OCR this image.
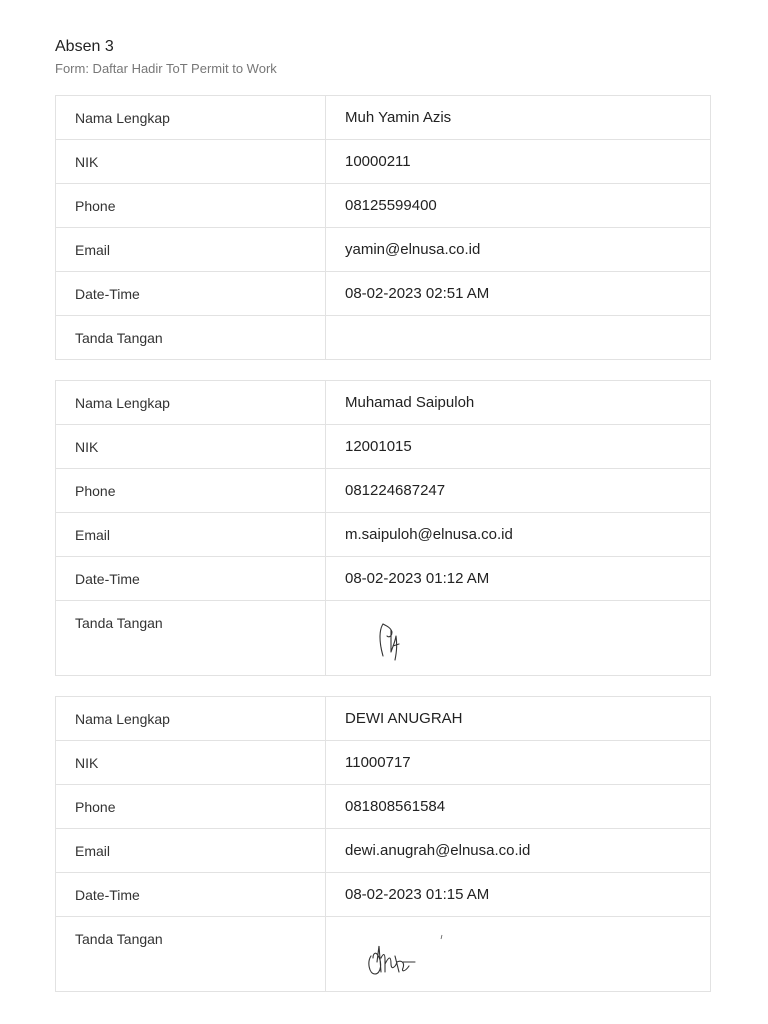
Absen 3
Form: Daftar Hadir ToT Permit to Work
Nama Lengkap	Muh Yamin Azis
NIK	10000211
Phone	08125599400
Email	yamin@elnusa.co.id
Date-Time	08-02-2023 02:51 AM
Tanda Tangan
Nama Lengkap	Muhamad Saipuloh
NIK	12001015
Phone	081224687247
Email	m.saipuloh@elnusa.co.id
Date-Time	08-02-2023 01:12 AM
Tanda Tangan
Nama Lengkap	DEWI ANUGRAH
NIK	11000717
Phone	081808561584
Email	dewi.anugrah@elnusa.co.id
Date-Time	08-02-2023 01:15 AM
Tanda Tangan
